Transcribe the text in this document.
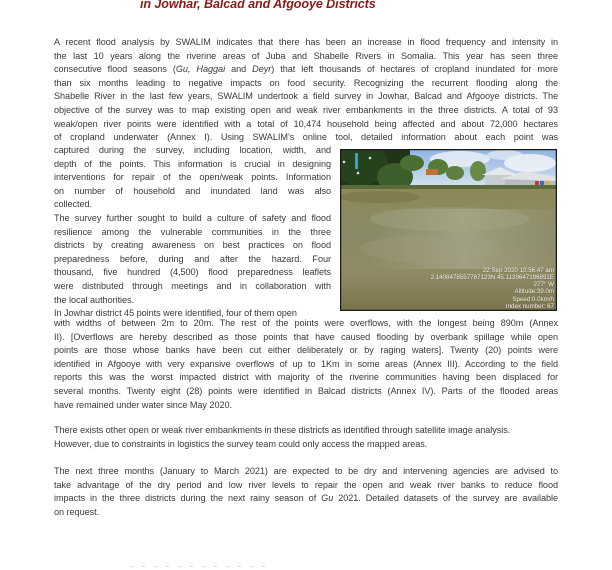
in Jowhar, Balcad and Afgooye Districts
A recent flood analysis by SWALIM indicates that there has been an increase in flood frequency and intensity in
the last 10 years along the riverine areas of Juba and Shabelle Rivers in Somalia. This year has seen three
consecutive flood seasons (Gu, Haggai and Deyr) that left thousands of hectares of cropland inundated for more
than six months leading to negative impacts on food security. Recognizing the recurrent flooding along the
Shabelle River in the last few years, SWALIM undertook a field survey in Jowhar, Balcad and Afgooye districts. The
objective of the survey was to map existing open and weak river embankments in the three districts. A total of 93
weak/open river points were identified with a total of 10,474 household being affected and about 72,000 hectares
of cropland underwater (Annex I). Using SWALIM’s online tool, detailed information about each point was
captured during the survey, including location, width, and
depth of the points. This information is crucial in designing
interventions for repair of the open/weak points. Information
on number of household and inundated land was also
collected.
The survey further sought to build a culture of safety and flood
resilience among the vulnerable communities in the three
districts by creating awareness on best practices on flood
preparedness before, during and after the hazard. Four
thousand, five hundred (4,500) flood preparedness leaflets
were distributed through meetings and in collaboration with
the local authorities.
In Jowhar district 45 points were identified, four of them open
22 Sep 2020 10:56:47 am
2.1408478557787123N 45.1139647196891E
277° W
Altitude:39.0m
Speed:0.0km/h
Index number: 67
with widths of between 2m to 20m. The rest of the points were overflows, with the longest being 890m (Annex
II). [Overflows are hereby described as those points that have caused flooding by overbank spillage while open
points are those whose banks have been cut either deliberately or by raging waters]. Twenty (20) points were
identified in Afgooye with very expansive overflows of up to 1Km in some areas (Annex III). According to the field
reports this was the worst impacted district with majority of the riverine communities having been displaced for
several months. Twenty eight (28) points were identified in Balcad districts (Annex IV). Parts of the flooded areas
have remained under water since May 2020.
There exists other open or weak river embankments in these districts as identified through satellite image analysis.
However, due to constraints in logistics the survey team could only access the mapped areas.
The next three months (January to March 2021) are expected to be dry and intervening agencies are advised to
take advantage of the dry period and low river levels to repair the open and weak river banks to reduce flood
impacts in the three districts during the next rainy season of Gu 2021. Detailed datasets of the survey are available
on request.
